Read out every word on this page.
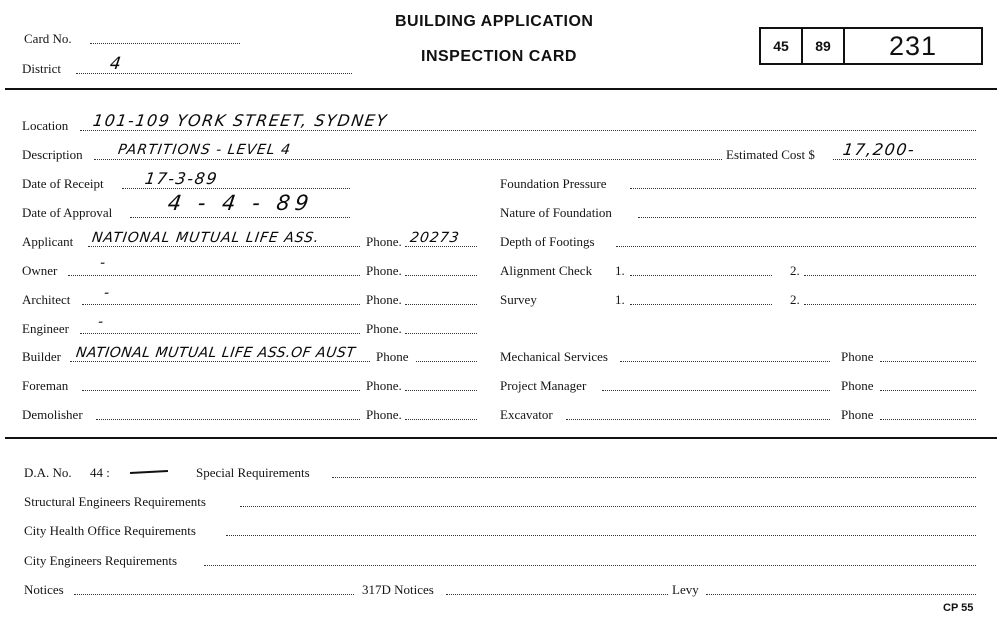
Card No.
District	4
BUILDING APPLICATION
INSPECTION CARD
45	89	231
Location 101-109 YORK STREET, SYDNEY
Description PARTITIONS - LEVEL 4	Estimated Cost $ 17,200-
Date of Receipt	17-3-89
Date of Approval	4 - 4 - 89
Applicant NATIONAL MUTUAL LIFE ASS.	Phone. 20273
Owner	-	Phone.
Architect -	Phone.
Engineer -	Phone.
Builder NATIONAL MUTUAL LIFE ASS.OF AUST Phone
Foreman	Phone.
Demolisher	Phone.
Foundation Pressure
Nature of Foundation
Depth of Footings
Alignment Check 1.	2.
Survey	1.	2.
Mechanical Services	Phone
Project Manager	Phone
Excavator	Phone
D.A. No. 44 :	Special Requirements
Structural Engineers Requirements
City Health Office Requirements
City Engineers Requirements
Notices	317D Notices	Levy
CP 55
